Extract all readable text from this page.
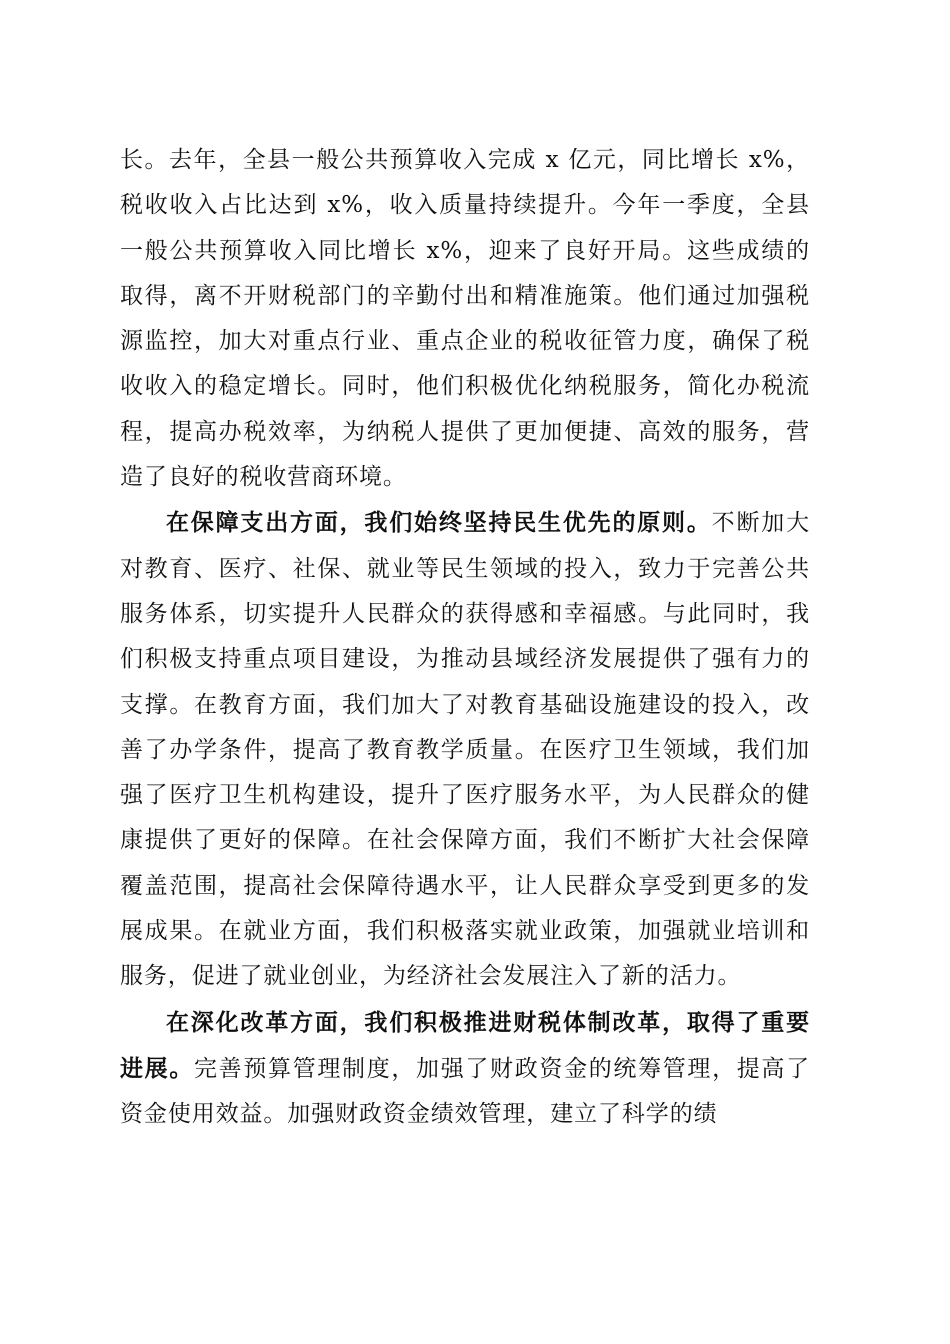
长。去年，全县一般公共预算收入完成 x 亿元，同比增长 x%，税收收入占比达到 x%，收入质量持续提升。今年一季度，全县一般公共预算收入同比增长 x%，迎来了良好开局。这些成绩的取得，离不开财税部门的辛勤付出和精准施策。他们通过加强税源监控，加大对重点行业、重点企业的税收征管力度，确保了税收收入的稳定增长。同时，他们积极优化纳税服务，简化办税流程，提高办税效率，为纳税人提供了更加便捷、高效的服务，营造了良好的税收营商环境。

在保障支出方面，我们始终坚持民生优先的原则。不断加大对教育、医疗、社保、就业等民生领域的投入，致力于完善公共服务体系，切实提升人民群众的获得感和幸福感。与此同时，我们积极支持重点项目建设，为推动县域经济发展提供了强有力的支撑。在教育方面，我们加大了对教育基础设施建设的投入，改善了办学条件，提高了教育教学质量。在医疗卫生领域，我们加强了医疗卫生机构建设，提升了医疗服务水平，为人民群众的健康提供了更好的保障。在社会保障方面，我们不断扩大社会保障覆盖范围，提高社会保障待遇水平，让人民群众享受到更多的发展成果。在就业方面，我们积极落实就业政策，加强就业培训和服务，促进了就业创业，为经济社会发展注入了新的活力。

在深化改革方面，我们积极推进财税体制改革，取得了重要进展。完善预算管理制度，加强了财政资金的统筹管理，提高了资金使用效益。加强财政资金绩效管理，建立了科学的绩
